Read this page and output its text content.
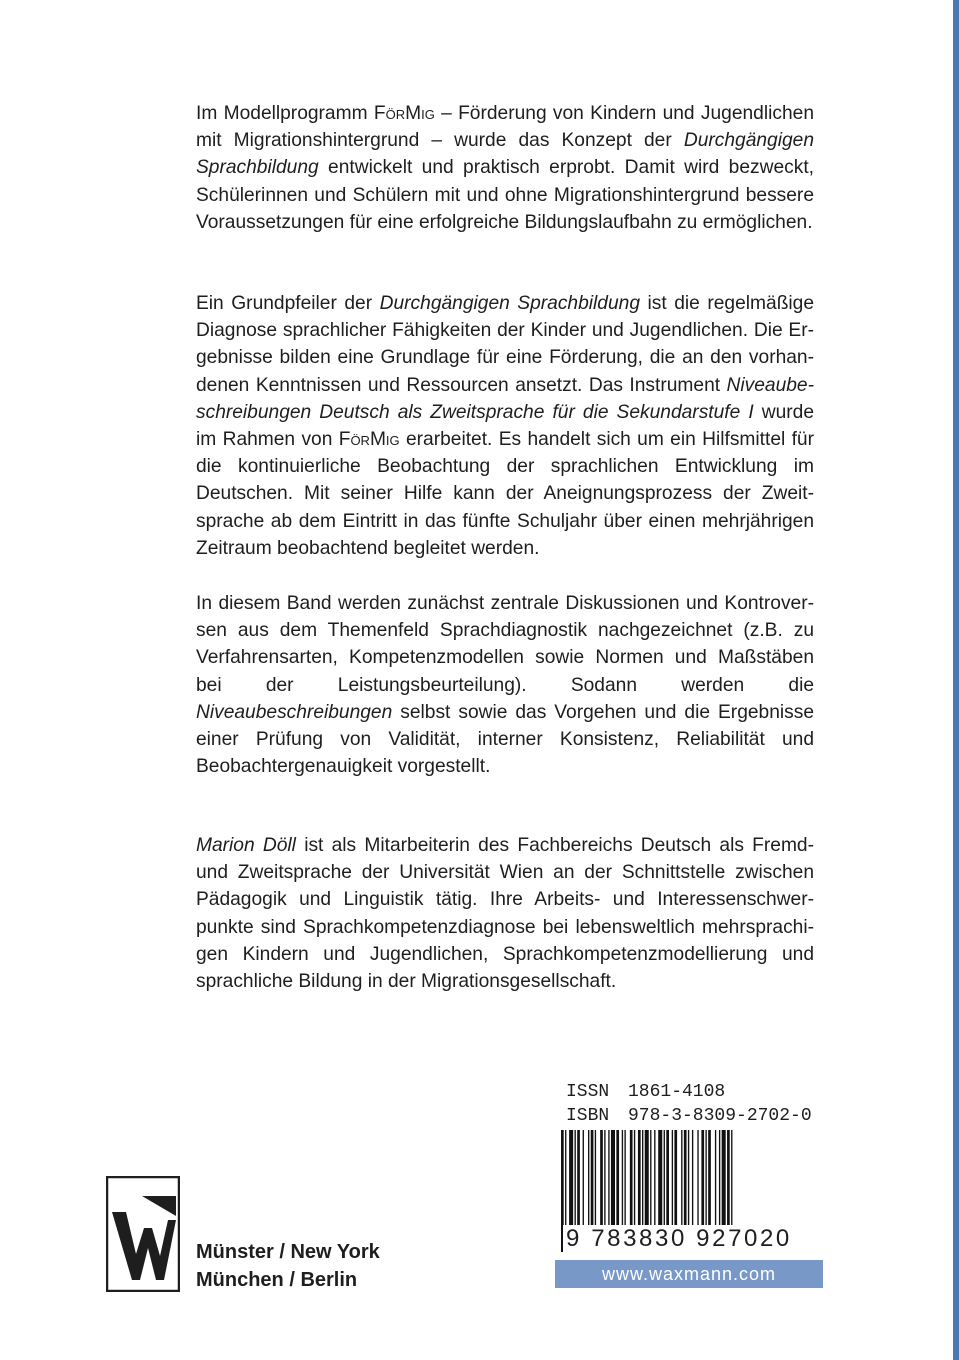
Im Modellprogramm FörMig – Förderung von Kindern und Jugendlichen mit Migrationshintergrund – wurde das Konzept der Durchgängigen Sprachbildung entwickelt und praktisch erprobt. Damit wird bezweckt, Schülerinnen und Schülern mit und ohne Migrationshintergrund bessere Voraussetzungen für eine erfolgreiche Bildungslaufbahn zu ermöglichen.

Ein Grundpfeiler der Durchgängigen Sprachbildung ist die regelmäßige Diagnose sprachlicher Fähigkeiten der Kinder und Jugendlichen. Die Ergebnisse bilden eine Grundlage für eine Förderung, die an den vorhandenen Kenntnissen und Ressourcen ansetzt. Das Instrument Niveaubeschreibungen Deutsch als Zweitsprache für die Sekundarstufe I wurde im Rahmen von FörMig erarbeitet. Es handelt sich um ein Hilfsmittel für die kontinuierliche Beobachtung der sprachlichen Entwicklung im Deutschen. Mit seiner Hilfe kann der Aneignungsprozess der Zweitsprache ab dem Eintritt in das fünfte Schuljahr über einen mehrjährigen Zeitraum beobachtend begleitet werden.

In diesem Band werden zunächst zentrale Diskussionen und Kontroversen aus dem Themenfeld Sprachdiagnostik nachgezeichnet (z.B. zu Verfahrensarten, Kompetenzmodellen sowie Normen und Maßstäben bei der Leistungsbeurteilung). Sodann werden die Niveaubeschreibungen selbst sowie das Vorgehen und die Ergebnisse einer Prüfung von Validität, interner Konsistenz, Reliabilität und Beobachtergenauigkeit vorgestellt.

Marion Döll ist als Mitarbeiterin des Fachbereichs Deutsch als Fremd- und Zweitsprache der Universität Wien an der Schnittstelle zwischen Pädagogik und Linguistik tätig. Ihre Arbeits- und Interessenschwerpunkte sind Sprachkompetenzdiagnose bei lebensweltlich mehrsprachigen Kindern und Jugendlichen, Sprachkompetenzmodellierung und sprachliche Bildung in der Migrationsgesellschaft.

ISSN 1861-4108
ISBN 978-3-8309-2702-0
9 783830 927020
www.waxmann.com
Münster / New York
München / Berlin
